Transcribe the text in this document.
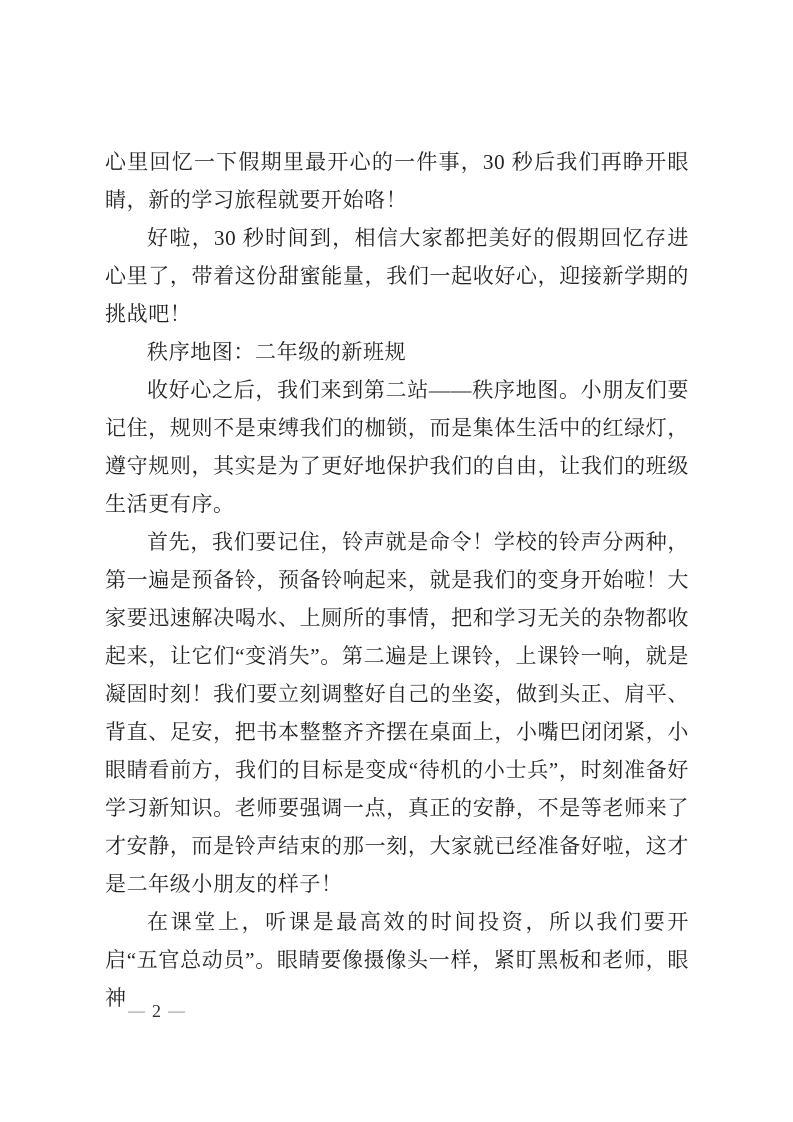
心里回忆一下假期里最开心的一件事，30 秒后我们再睁开眼睛，新的学习旅程就要开始咯！

好啦，30 秒时间到，相信大家都把美好的假期回忆存进心里了，带着这份甜蜜能量，我们一起收好心，迎接新学期的挑战吧！

秩序地图：二年级的新班规

收好心之后，我们来到第二站——秩序地图。小朋友们要记住，规则不是束缚我们的枷锁，而是集体生活中的红绿灯，遵守规则，其实是为了更好地保护我们的自由，让我们的班级生活更有序。

首先，我们要记住，铃声就是命令！学校的铃声分两种，第一遍是预备铃，预备铃响起来，就是我们的变身开始啦！大家要迅速解决喝水、上厕所的事情，把和学习无关的杂物都收起来，让它们“变消失”。第二遍是上课铃，上课铃一响，就是凝固时刻！我们要立刻调整好自己的坐姿，做到头正、肩平、背直、足安，把书本整整齐齐摆在桌面上，小嘴巴闭闭紧，小眼睛看前方，我们的目标是变成“待机的小士兵”，时刻准备好学习新知识。老师要强调一点，真正的安静，不是等老师来了才安静，而是铃声结束的那一刻，大家就已经准备好啦，这才是二年级小朋友的样子！

在课堂上，听课是最高效的时间投资，所以我们要开启“五官总动员”。眼睛要像摄像头一样，紧盯黑板和老师，眼神

— 2 —
